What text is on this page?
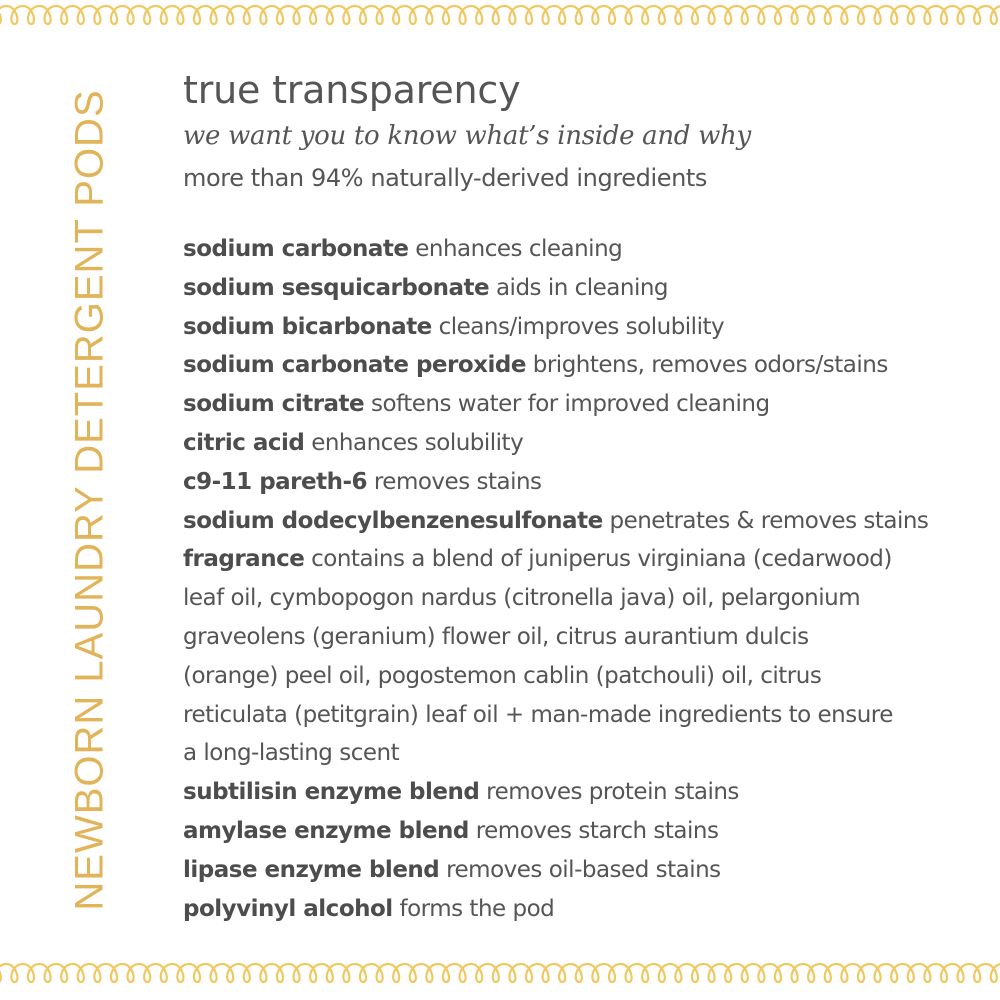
NEWBORN LAUNDRY DETERGENT PODS true transparency
we want you to know what’s inside and why
more than 94% naturally-derived ingredients
sodium carbonate enhances cleaning
sodium sesquicarbonate aids in cleaning
sodium bicarbonate cleans/improves solubility
sodium carbonate peroxide brightens, removes odors/stains
sodium citrate softens water for improved cleaning
citric acid enhances solubility
c9-11 pareth-6 removes stains
sodium dodecylbenzenesulfonate penetrates & removes stains
fragrance contains a blend of juniperus virginiana (cedarwood)
leaf oil, cymbopogon nardus (citronella java) oil, pelargonium
graveolens (geranium) flower oil, citrus aurantium dulcis
(orange) peel oil, pogostemon cablin (patchouli) oil, citrus
reticulata (petitgrain) leaf oil + man-made ingredients to ensure
a long-lasting scent
subtilisin enzyme blend removes protein stains
amylase enzyme blend removes starch stains
lipase enzyme blend removes oil-based stains
polyvinyl alcohol forms the pod
